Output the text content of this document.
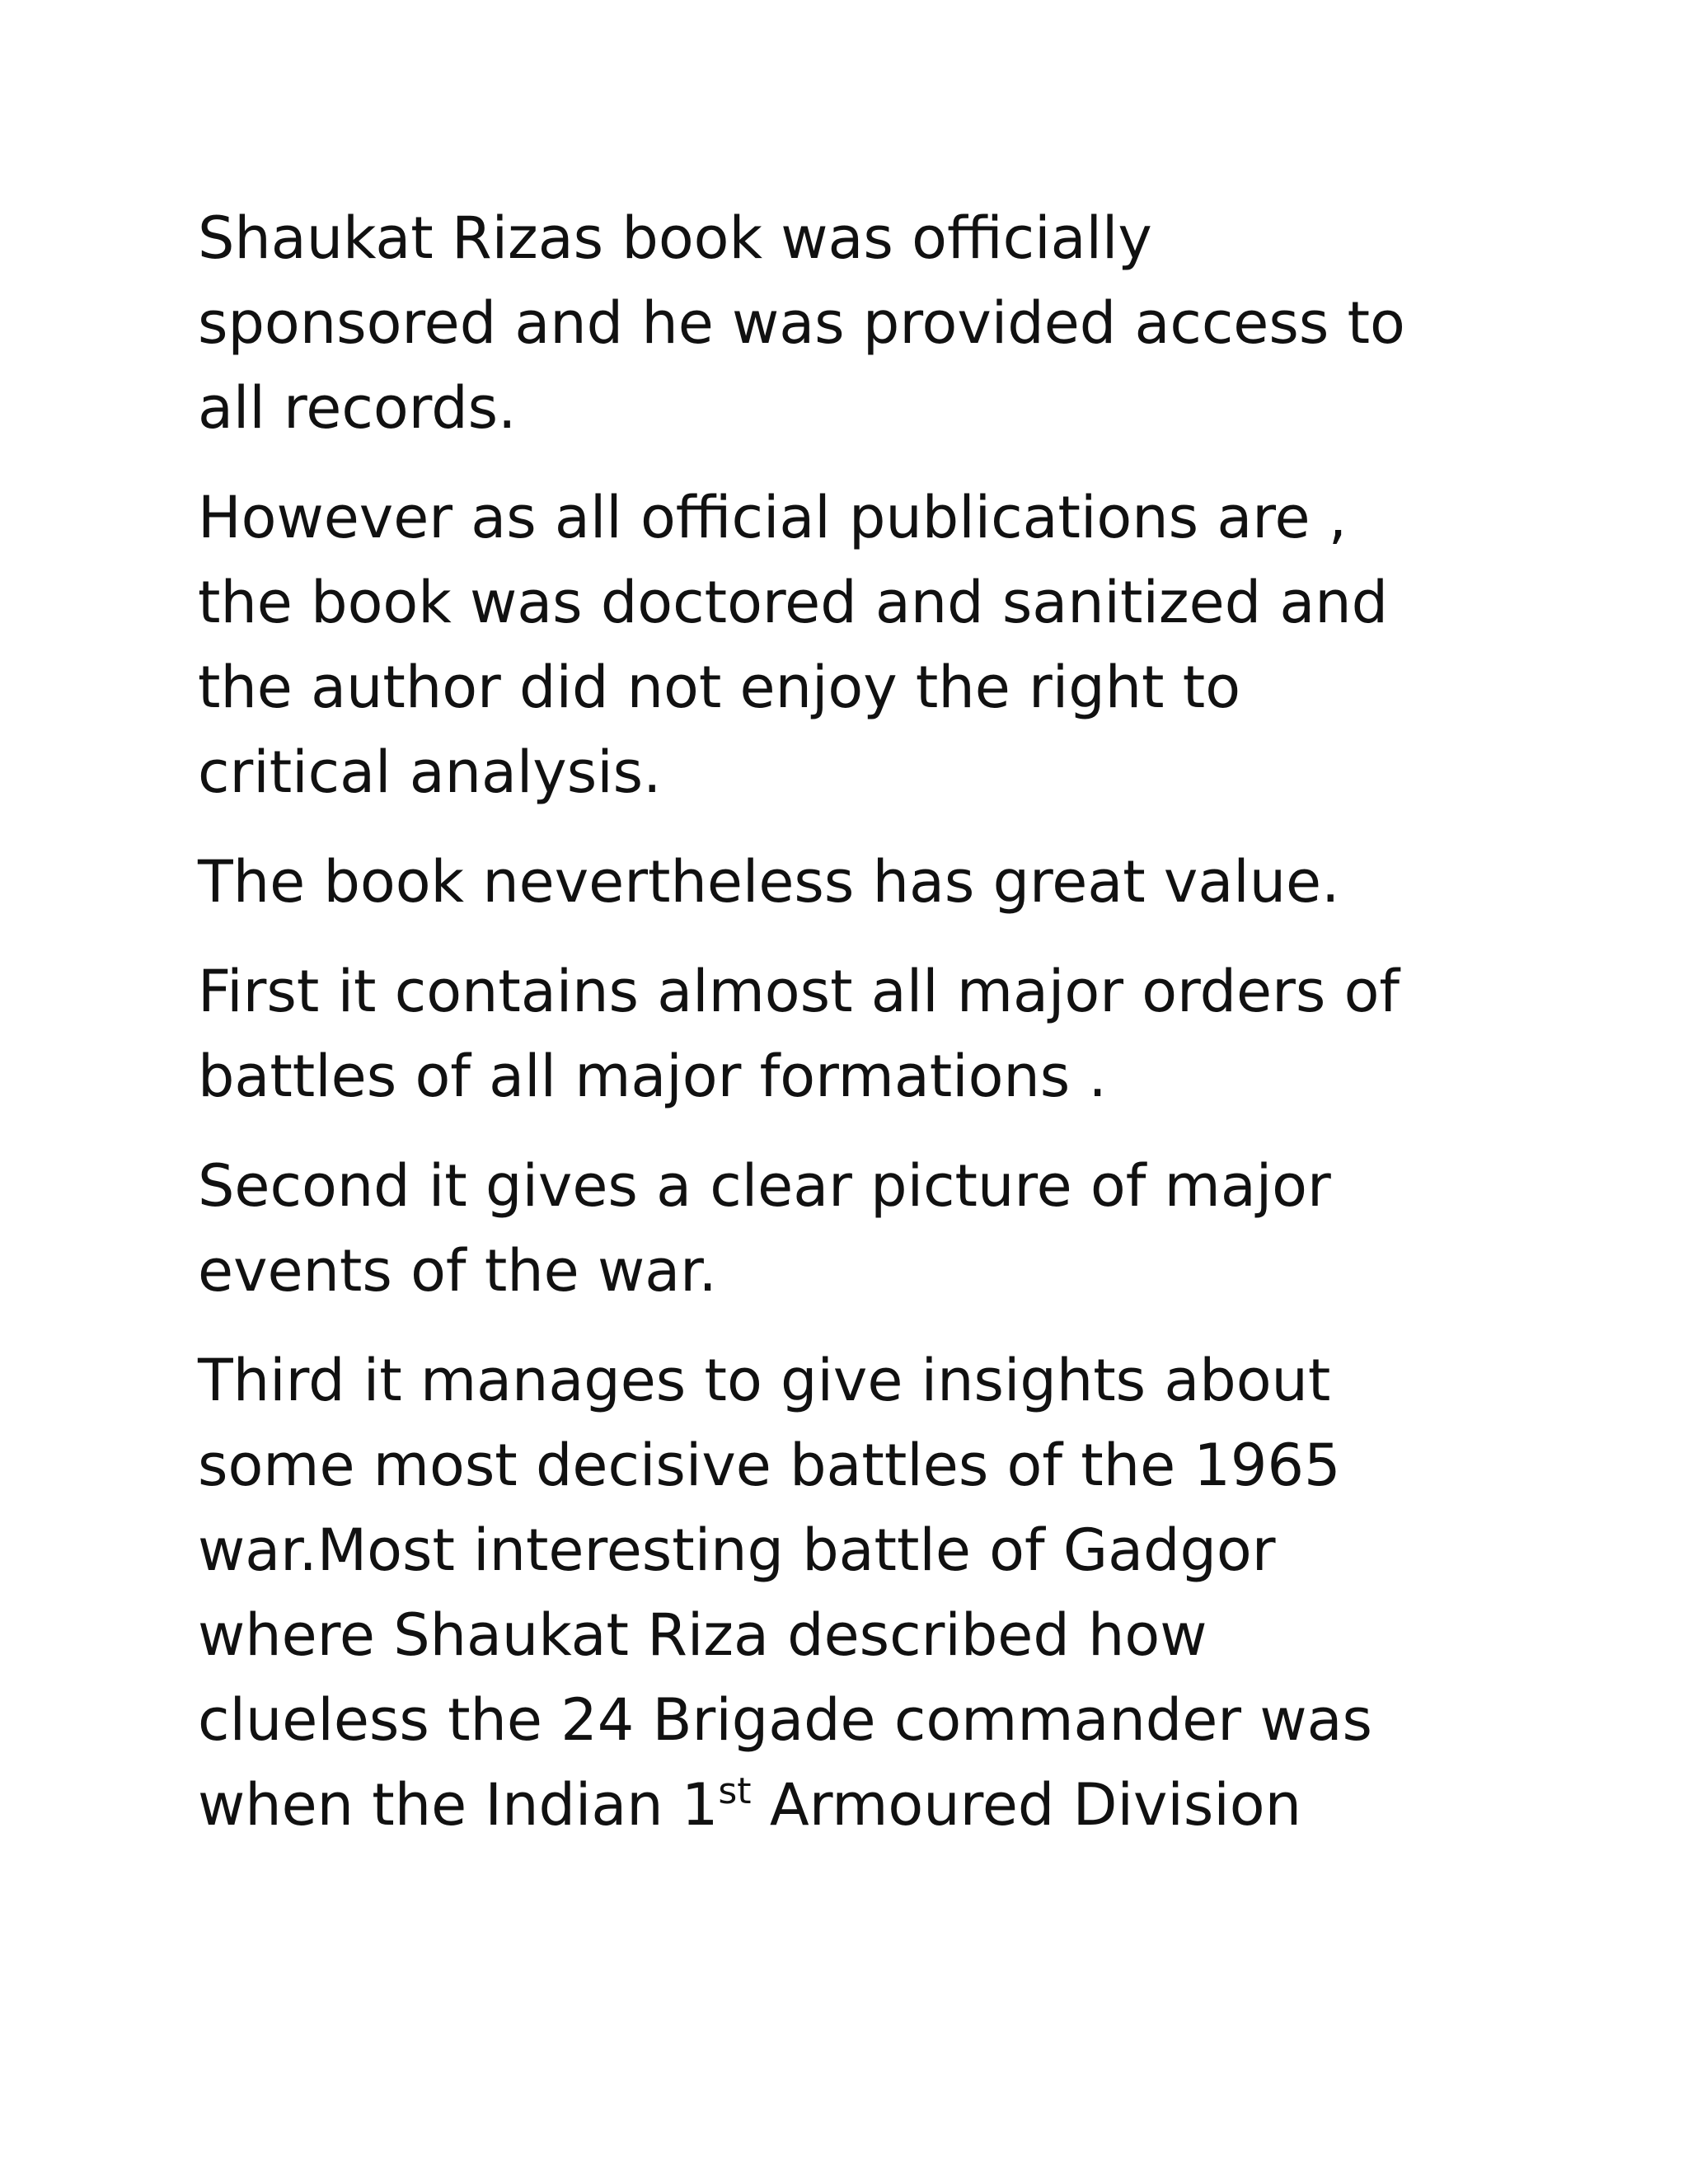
Shaukat Rizas book was officially
sponsored and he was provided access to
all records.

However as all official publications are ,
the book was doctored and sanitized and
the author did not enjoy the right to
critical analysis.

The book nevertheless has great value.

First it contains almost all major orders of
battles of all major formations .

Second it gives a clear picture of major
events of the war.

Third it manages to give insights about
some most decisive battles of the 1965
war.Most interesting battle of Gadgor
where Shaukat Riza described how
clueless the 24 Brigade commander was
when the Indian 1st Armoured Division
